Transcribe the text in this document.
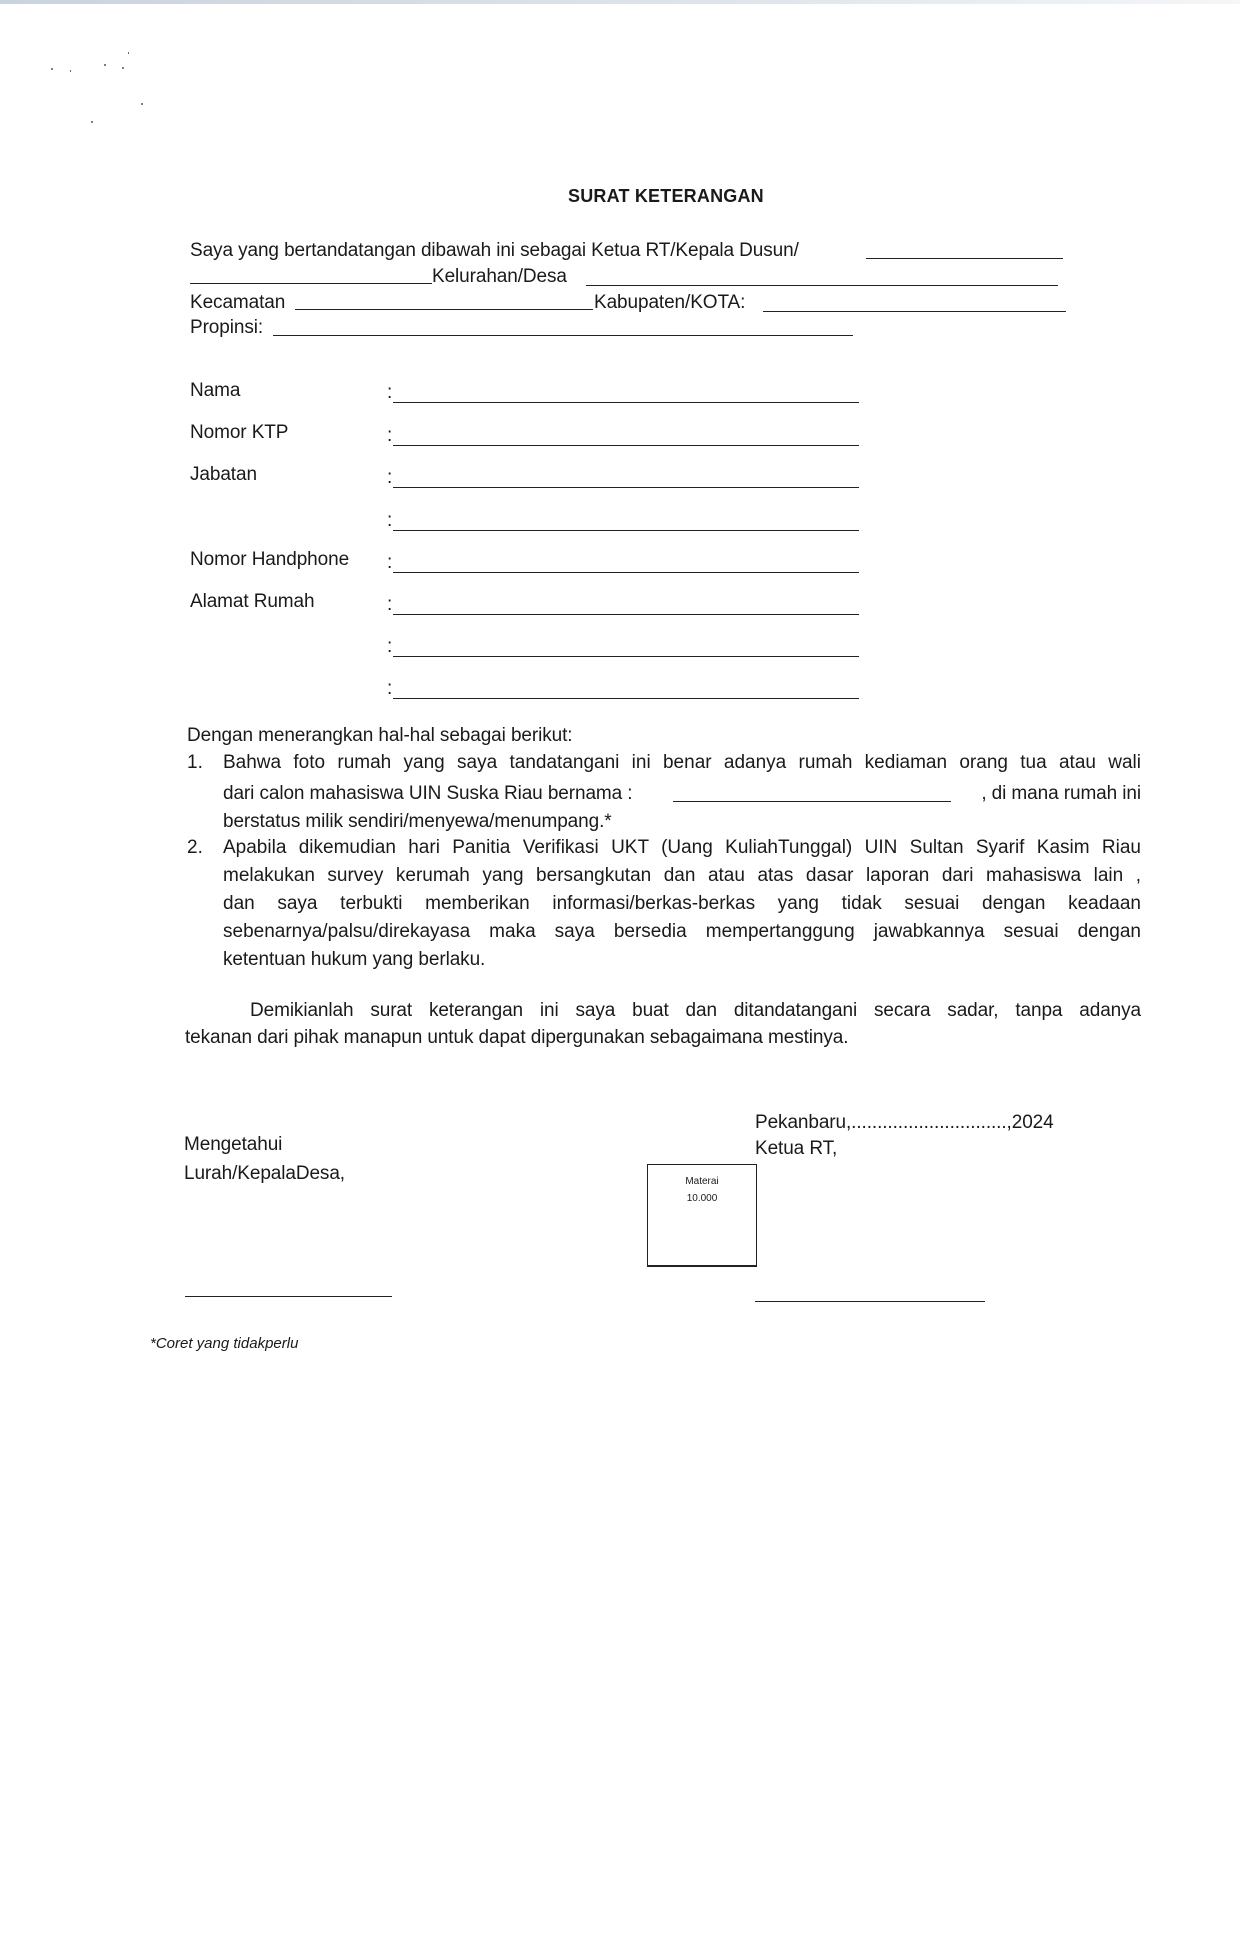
SURAT KETERANGAN
Saya yang bertandatangan dibawah ini sebagai Ketua RT/Kepala Dusun/
Kelurahan/Desa
Kecamatan	Kabupaten/KOTA:
Propinsi:
Nama	:
Nomor KTP	:
Jabatan	:
:
Nomor Handphone :
Alamat Rumah	:
:
:
Dengan menerangkan hal-hal sebagai berikut:
1. Bahwa foto rumah yang saya tandatangani ini benar adanya rumah kediaman orang tua atau wali
dari calon mahasiswa UIN Suska Riau bernama :	, di mana rumah ini
berstatus milik sendiri/menyewa/menumpang.*
2. Apabila dikemudian hari Panitia Verifikasi UKT (Uang KuliahTunggal) UIN Sultan Syarif Kasim Riau
melakukan survey kerumah yang bersangkutan dan atau atas dasar laporan dari mahasiswa lain ,
dan saya terbukti memberikan informasi/berkas-berkas yang tidak sesuai dengan keadaan
sebenarnya/palsu/direkayasa maka saya bersedia mempertanggung jawabkannya sesuai dengan
ketentuan hukum yang berlaku.
Demikianlah surat keterangan ini saya buat dan ditandatangani secara sadar, tanpa adanya
tekanan dari pihak manapun untuk dapat dipergunakan sebagaimana mestinya.
Pekanbaru,..............................,2024
Mengetahui	Ketua RT,
Lurah/KepalaDesa,	Materai
10.000
*Coret yang tidakperlu
